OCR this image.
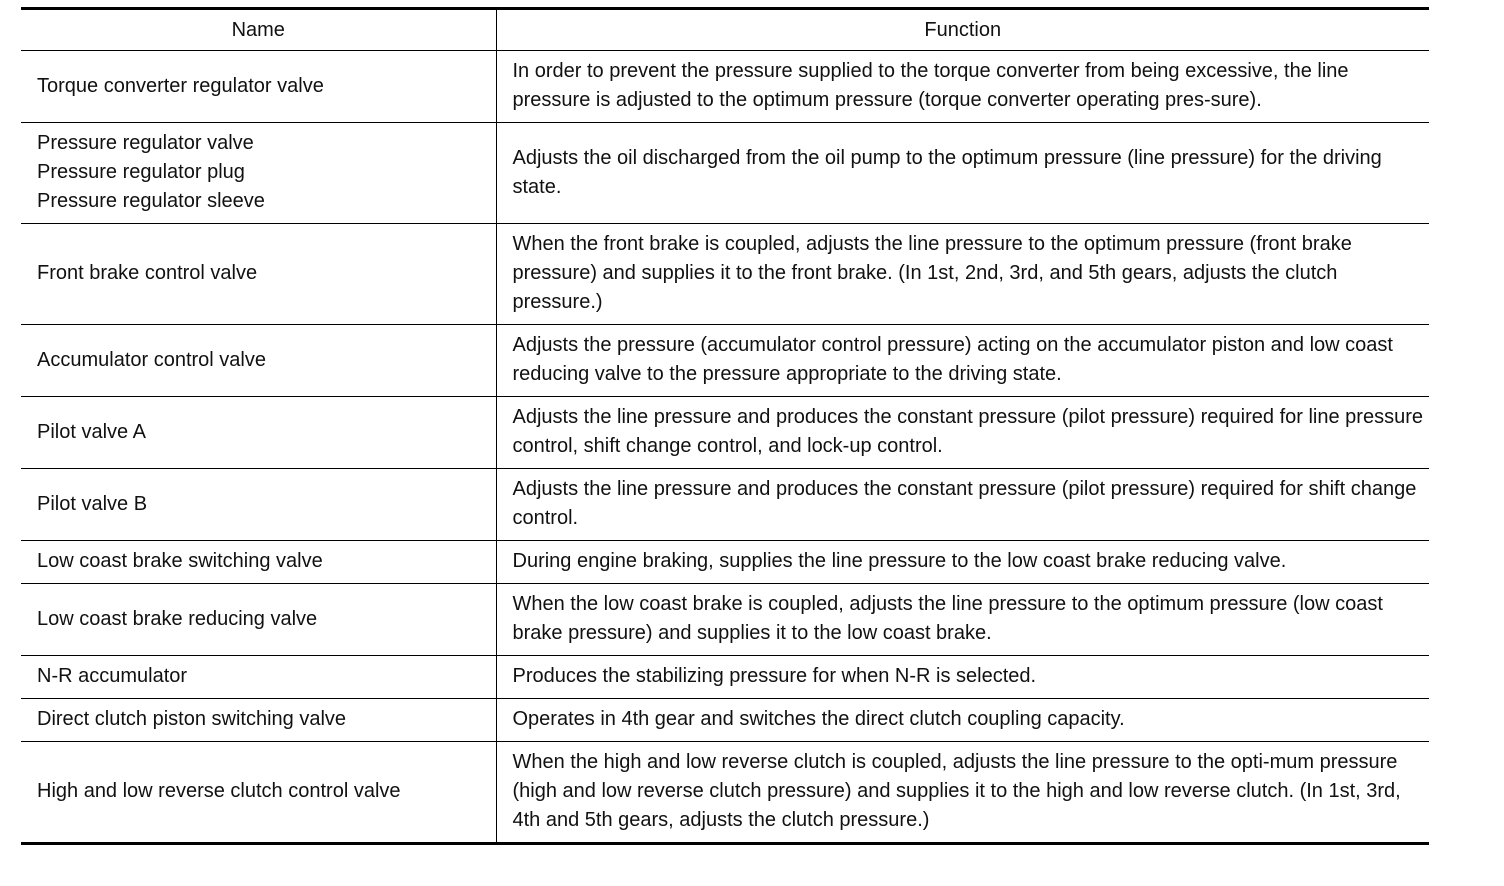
Name	Function

Torque converter regulator valve	In order to prevent the pressure supplied to the torque converter from being excessive, the line pressure is adjusted to the optimum pressure (torque converter operating pres-sure).

Pressure regulator valve
Pressure regulator plug
Pressure regulator sleeve	Adjusts the oil discharged from the oil pump to the optimum pressure (line pressure) for the driving state.

Front brake control valve	When the front brake is coupled, adjusts the line pressure to the optimum pressure (front brake pressure) and supplies it to the front brake. (In 1st, 2nd, 3rd, and 5th gears, adjusts the clutch pressure.)

Accumulator control valve	Adjusts the pressure (accumulator control pressure) acting on the accumulator piston and low coast reducing valve to the pressure appropriate to the driving state.

Pilot valve A	Adjusts the line pressure and produces the constant pressure (pilot pressure) required for line pressure control, shift change control, and lock-up control.

Pilot valve B	Adjusts the line pressure and produces the constant pressure (pilot pressure) required for shift change control.

Low coast brake switching valve	During engine braking, supplies the line pressure to the low coast brake reducing valve.

Low coast brake reducing valve	When the low coast brake is coupled, adjusts the line pressure to the optimum pressure (low coast brake pressure) and supplies it to the low coast brake.

N-R accumulator	Produces the stabilizing pressure for when N-R is selected.

Direct clutch piston switching valve	Operates in 4th gear and switches the direct clutch coupling capacity.

High and low reverse clutch control valve	When the high and low reverse clutch is coupled, adjusts the line pressure to the opti-mum pressure (high and low reverse clutch pressure) and supplies it to the high and low reverse clutch. (In 1st, 3rd, 4th and 5th gears, adjusts the clutch pressure.)
